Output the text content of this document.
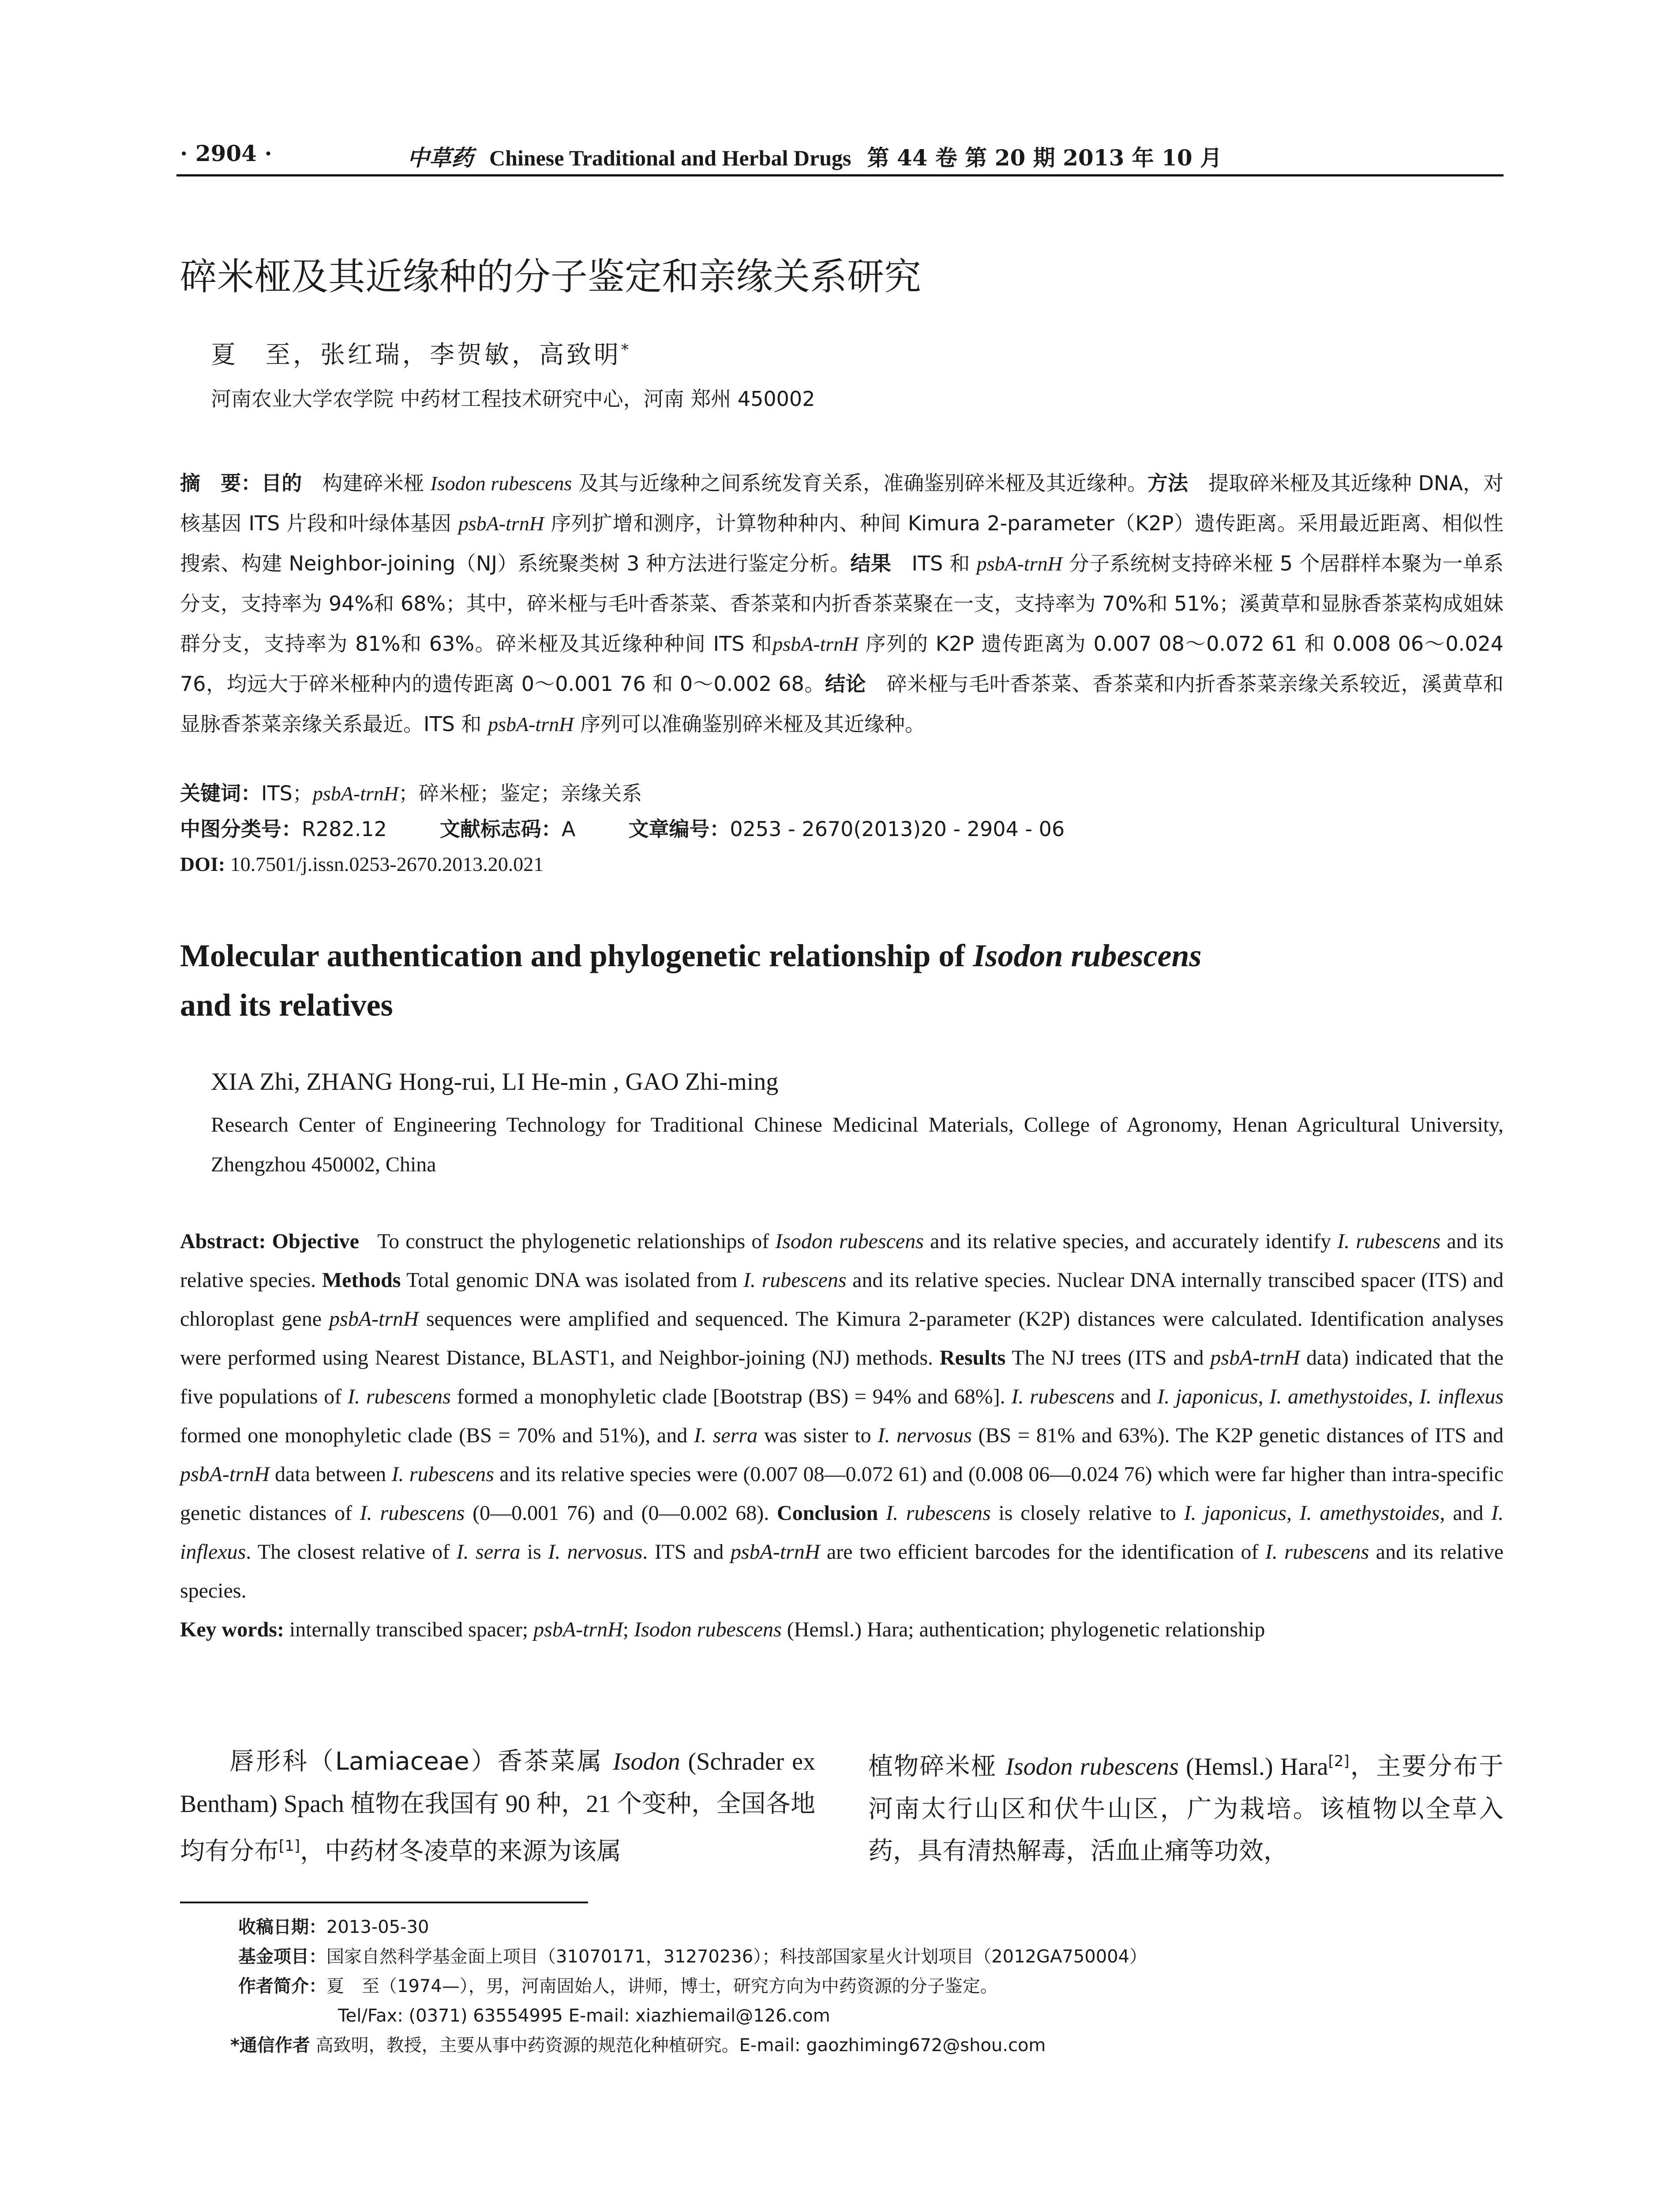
· 2904 ·	中草药 Chinese Traditional and Herbal Drugs 第 44 卷 第 20 期 2013 年 10 月
碎米桠及其近缘种的分子鉴定和亲缘关系研究
夏　至，张红瑞，李贺敏，高致明*
河南农业大学农学院 中药材工程技术研究中心，河南 郑州 450002
摘　要：目的　 构建碎米桠 Isodon rubescens 及其与近缘种之间系统发育关系，准确鉴别碎米桠及其近缘种。方法　 提取碎米桠及其近缘种 DNA，对核基因 ITS 片段和叶绿体基因 psbA-trnH 序列扩增和测序，计算物种种内、种间 Kimura 2-parameter（K2P）遗传距离。采用最近距离、相似性搜索、构建 Neighbor-joining（NJ）系统聚类树 3 种方法进行鉴定分析。结果　 ITS 和 psbA-trnH 分子系统树支持碎米桠 5 个居群样本聚为一单系分支，支持率为 94%和 68%；其中，碎米桠与毛叶香茶菜、香茶菜和内折香茶菜聚在一支，支持率为 70%和 51%；溪黄草和显脉香茶菜构成姐妹群分支，支持率为 81%和 63%。碎米桠及其近缘种种间 ITS 和psbA-trnH 序列的 K2P 遗传距离为 0.007 08～0.072 61 和 0.008 06～0.024 76，均远大于碎米桠种内的遗传距离 0～0.001 76 和 0～0.002 68。结论　 碎米桠与毛叶香茶菜、香茶菜和内折香茶菜亲缘关系较近，溪黄草和显脉香茶菜亲缘关系最近。ITS 和 psbA-trnH 序列可以准确鉴别碎米桠及其近缘种。
关键词：ITS；psbA-trnH；碎米桠；鉴定；亲缘关系
中图分类号：R282.12	文献标志码：A	文章编号：0253 - 2670(2013)20 - 2904 - 06
DOI: 10.7501/j.issn.0253-2670.2013.20.021
Molecular authentication and phylogenetic relationship of Isodon rubescens
and its relatives
XIA Zhi, ZHANG Hong-rui, LI He-min , GAO Zhi-ming
Research Center of Engineering Technology for Traditional Chinese Medicinal Materials, College of Agronomy, Henan Agricultural University, Zhengzhou 450002, China
Abstract: Objective To construct the phylogenetic relationships of Isodon rubescens and its relative species, and accurately identify I. rubescens and its relative species. Methods Total genomic DNA was isolated from I. rubescens and its relative species. Nuclear DNA internally transcibed spacer (ITS) and chloroplast gene psbA-trnH sequences were amplified and sequenced. The Kimura 2-parameter (K2P) distances were calculated. Identification analyses were performed using Nearest Distance, BLAST1, and Neighbor-joining (NJ) methods. Results The NJ trees (ITS and psbA-trnH data) indicated that the five populations of I. rubescens formed a monophyletic clade [Bootstrap (BS) = 94% and 68%]. I. rubescens and I. japonicus, I. amethystoides, I. inflexus formed one monophyletic clade (BS = 70% and 51%), and I. serra was sister to I. nervosus (BS = 81% and 63%). The K2P genetic distances of ITS and psbA-trnH data between I. rubescens and its relative species were (0.007 08—0.072 61) and (0.008 06—0.024 76) which were far higher than intra-specific genetic distances of I. rubescens (0—0.001 76) and (0—0.002 68). Conclusion I. rubescens is closely relative to I. japonicus, I. amethystoides, and I. inflexus. The closest relative of I. serra is I. nervosus. ITS and psbA-trnH are two efficient barcodes for the identification of I. rubescens and its relative species.
Key words: internally transcibed spacer; psbA-trnH; Isodon rubescens (Hemsl.) Hara; authentication; phylogenetic relationship
唇形科（Lamiaceae）香茶菜属 Isodon (Schrader ex Bentham) Spach 植物在我国有 90 种，21 个变种，全国各地均有分布[1]，中药材冬凌草的来源为该属
植物碎米桠 Isodon rubescens (Hemsl.) Hara[2]，主要分布于河南太行山区和伏牛山区，广为栽培。该植物以全草入药，具有清热解毒，活血止痛等功效，
收稿日期：2013-05-30
基金项目：国家自然科学基金面上项目（31070171，31270236）；科技部国家星火计划项目（2012GA750004）
作者简介：夏　至（1974—），男，河南固始人，讲师，博士，研究方向为中药资源的分子鉴定。
Tel/Fax: (0371) 63554995 E-mail: xiazhiemail@126.com
*通信作者 高致明，教授，主要从事中药资源的规范化种植研究。E-mail: gaozhiming672@shou.com
